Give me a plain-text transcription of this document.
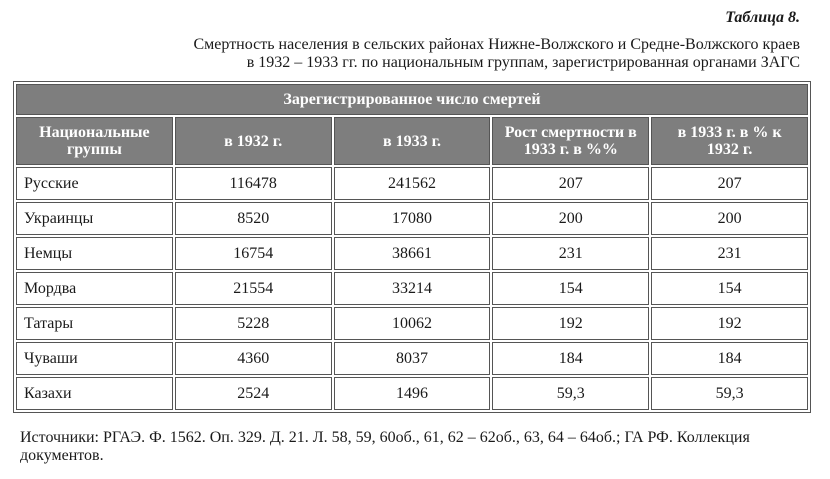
Таблица 8.
Смертность населения в сельских районах Нижне-Волжского и Средне-Волжского краев
в 1932 – 1933 гг. по национальным группам, зарегистрированная органами ЗАГС
Зарегистрированное число смертей				
Национальные группы	в 1932 г.	в 1933 г.	Рост смертности в 1933 г. в %%	в 1933 г. в % к 1932 г.
Русские	116478	241562	207	207
Украинцы	8520	17080	200	200
Немцы	16754	38661	231	231
Мордва	21554	33214	154	154
Татары	5228	10062	192	192
Чуваши	4360	8037	184	184
Казахи	2524	1496	59,3	59,3
Источники: РГАЭ. Ф. 1562. Оп. 329. Д. 21. Л. 58, 59, 60об., 61, 62 – 62об., 63, 64 – 64об.; ГА РФ. Коллекция документов.
